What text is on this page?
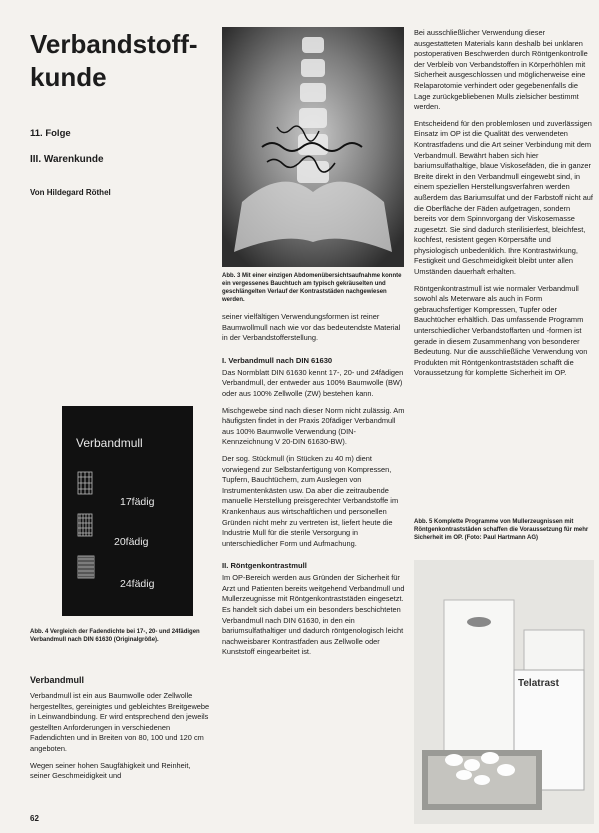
Verbandstoff-
kunde
11. Folge
III. Warenkunde
Von Hildegard Röthel
Abb. 3 Mit einer einzigen Abdomenübersichtsaufnahme konnte ein vergessenes Bauchtuch am typisch gekräuselten und geschlängelten Verlauf der Kontraststäden nachgewiesen werden.
Verbandmull
17fädig
20fädig
24fädig
Abb. 4 Vergleich der Fadendichte bei 17-, 20- und 24fädigen Verbandmull nach DIN 61630 (Originalgröße).
Verbandmull

Verbandmull ist ein aus Baumwolle oder Zellwolle hergestelltes, gereinigtes und gebleichtes Breitgewebe in Leinwandbindung. Er wird entsprechend den jeweils gestellten Anforderungen in verschiedenen Fadendichten und in Breiten von 80, 100 und 120 cm angeboten.

Wegen seiner hohen Saugfähigkeit und Reinheit, seiner Geschmeidigkeit und

seiner vielfältigen Verwendungsformen ist reiner Baumwollmull nach wie vor das bedeutendste Material in der Verbandstofferstellung.

I. Verbandmull nach DIN 61630

Das Normblatt DIN 61630 kennt 17-, 20- und 24fädigen Verbandmull, der entweder aus 100% Baumwolle (BW) oder aus 100% Zellwolle (ZW) bestehen kann.

Mischgewebe sind nach dieser Norm nicht zulässig. Am häufigsten findet in der Praxis 20fädiger Verbandmull aus 100% Baumwolle Verwendung (DIN-Kennzeichnung V 20-DIN 61630-BW).

Der sog. Stückmull (in Stücken zu 40 m) dient vorwiegend zur Selbstanfertigung von Kompressen, Tupfern, Bauchtüchern, zum Auslegen von Instrumentenkästen usw. Da aber die zeitraubende manuelle Herstellung preisgerechter Verbandstoffe im Krankenhaus aus wirtschaftlichen und personellen Gründen nicht mehr zu vertreten ist, liefert heute die Industrie Mull für die sterile Versorgung in unterschiedlicher Form und Aufmachung.

II. Röntgenkontrastmull

Im OP-Bereich werden aus Gründen der Sicherheit für Arzt und Patienten bereits weitgehend Verbandmull und Mullerzeugnisse mit Röntgenkontraststäden eingesetzt. Es handelt sich dabei um ein besonders beschichteten Verbandmull nach DIN 61630, in den ein bariumsulfathaltiger und dadurch röntgenologisch leicht nachweisbarer Kontrastfaden aus Zellwolle oder Kunststoff eingearbeitet ist.

Bei ausschließlicher Verwendung dieser ausgestatteten Materials kann deshalb bei unklaren postoperativen Beschwerden durch Röntgenkontrolle der Verbleib von Verbandstoffen in Körperhöhlen mit Sicherheit ausgeschlossen und möglicherweise eine Relaparotomie verhindert oder gegebenenfalls die Lage zurückgebliebenen Mulls zielsicher bestimmt werden.

Entscheidend für den problemlosen und zuverlässigen Einsatz im OP ist die Qualität des verwendeten Kontrastfadens und die Art seiner Verbindung mit dem Verbandmull. Bewährt haben sich hier bariumsulfathaltige, blaue Viskosefäden, die in ganzer Breite direkt in den Verbandmull eingewebt sind, in einem speziellen Herstellungsverfahren werden außerdem das Bariumsulfat und der Farbstoff nicht auf die Oberfläche der Fäden aufgetragen, sondern bereits vor dem Spinnvorgang der Viskosemasse zugesetzt. Sie sind dadurch sterilisierfest, bleichfest, kochfest, resistent gegen Körpersäfte und physiologisch unbedenklich. Ihre Kontrastwirkung, Festigkeit und Geschmeidigkeit bleibt unter allen Umständen dauerhaft erhalten.

Röntgenkontrastmull ist wie normaler Verbandmull sowohl als Meterware als auch in Form gebrauchsfertiger Kompressen, Tupfer oder Bauchtücher erhältlich. Das umfassende Programm unterschiedlicher Verbandstoffarten und -formen ist gerade in diesem Zusammenhang von besonderer Bedeutung. Nur die ausschließliche Verwendung von Produkten mit Röntgenkontraststäden schafft die Voraussetzung für komplette Sicherheit im OP.

Abb. 5 Komplette Programme von Mullerzeugnissen mit Röntgenkontraststäden schaffen die Voraussetzung für mehr Sicherheit im OP. (Foto: Paul Hartmann AG)
Telatrast
62
